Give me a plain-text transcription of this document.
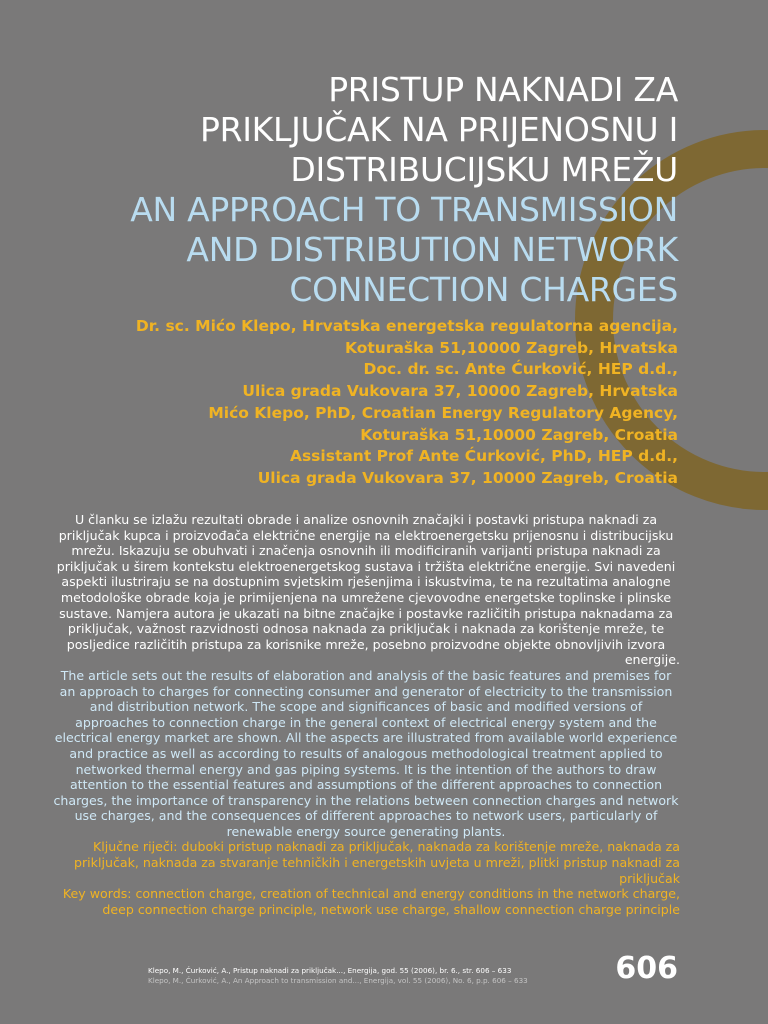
PRISTUP NAKNADI ZA
PRIKLJUČAK NA PRIJENOSNU I
DISTRIBUCIJSKU MREŽU
AN APPROACH TO TRANSMISSION
AND DISTRIBUTION NETWORK
CONNECTION CHARGES
Dr. sc. Mićo Klepo, Hrvatska energetska regulatorna agencija,
Koturaška 51,10000 Zagreb, Hrvatska
Doc. dr. sc. Ante Ćurković, HEP d.d.,
Ulica grada Vukovara 37, 10000 Zagreb, Hrvatska
Mićo Klepo, PhD, Croatian Energy Regulatory Agency,
Koturaška 51,10000 Zagreb, Croatia
Assistant Prof Ante Ćurković, PhD, HEP d.d.,
Ulica grada Vukovara 37, 10000 Zagreb, Croatia
U članku se izlažu rezultati obrade i analize osnovnih značajki i postavki pristupa naknadi za priključak kupca i proizvođača električne energije na elektroenergetsku prijenosnu i distribucijsku mrežu. Iskazuju se obuhvati i značenja osnovnih ili modificiranih varijanti pristupa naknadi za priključak u širem kontekstu elektroenergetskog sustava i tržišta električne energije. Svi navedeni aspekti ilustriraju se na dostupnim svjetskim rješenjima i iskustvima, te na rezultatima analogne metodološke obrade koja je primijenjena na umrežene cjevovodne energetske toplinske i plinske sustave. Namjera autora je ukazati na bitne značajke i postavke različitih pristupa naknadama za priključak, važnost razvidnosti odnosa naknada za priključak i naknada za korištenje mreže, te posljedice različitih pristupa za korisnike mreže, posebno proizvodne objekte obnovljivih izvora energije.
The article sets out the results of elaboration and analysis of the basic features and premises for an approach to charges for connecting consumer and generator of electricity to the transmission and distribution network. The scope and significances of basic and modified versions of approaches to connection charge in the general context of electrical energy system and the electrical energy market are shown. All the aspects are illustrated from available world experience and practice as well as according to results of analogous methodological treatment applied to networked thermal energy and gas piping systems. It is the intention of the authors to draw attention to the essential features and assumptions of the different approaches to connection charges, the importance of transparency in the relations between connection charges and network use charges, and the consequences of different approaches to network users, particularly of renewable energy source generating plants.
Ključne riječi: duboki pristup naknadi za priključak, naknada za korištenje mreže, naknada za priključak, naknada za stvaranje tehničkih i energetskih uvjeta u mreži, plitki pristup naknadi za priključak
Key words: connection charge, creation of technical and energy conditions in the network charge, deep connection charge principle, network use charge, shallow connection charge principle
Klepo, M., Ćurković, A., Pristup naknadi za priključak..., Energija, god. 55 (2006), br. 6., str. 606 – 633
Klepo, M., Ćurković, A., An Approach to transmission and..., Energija, vol. 55 (2006), No. 6, p.p. 606 – 633	606
